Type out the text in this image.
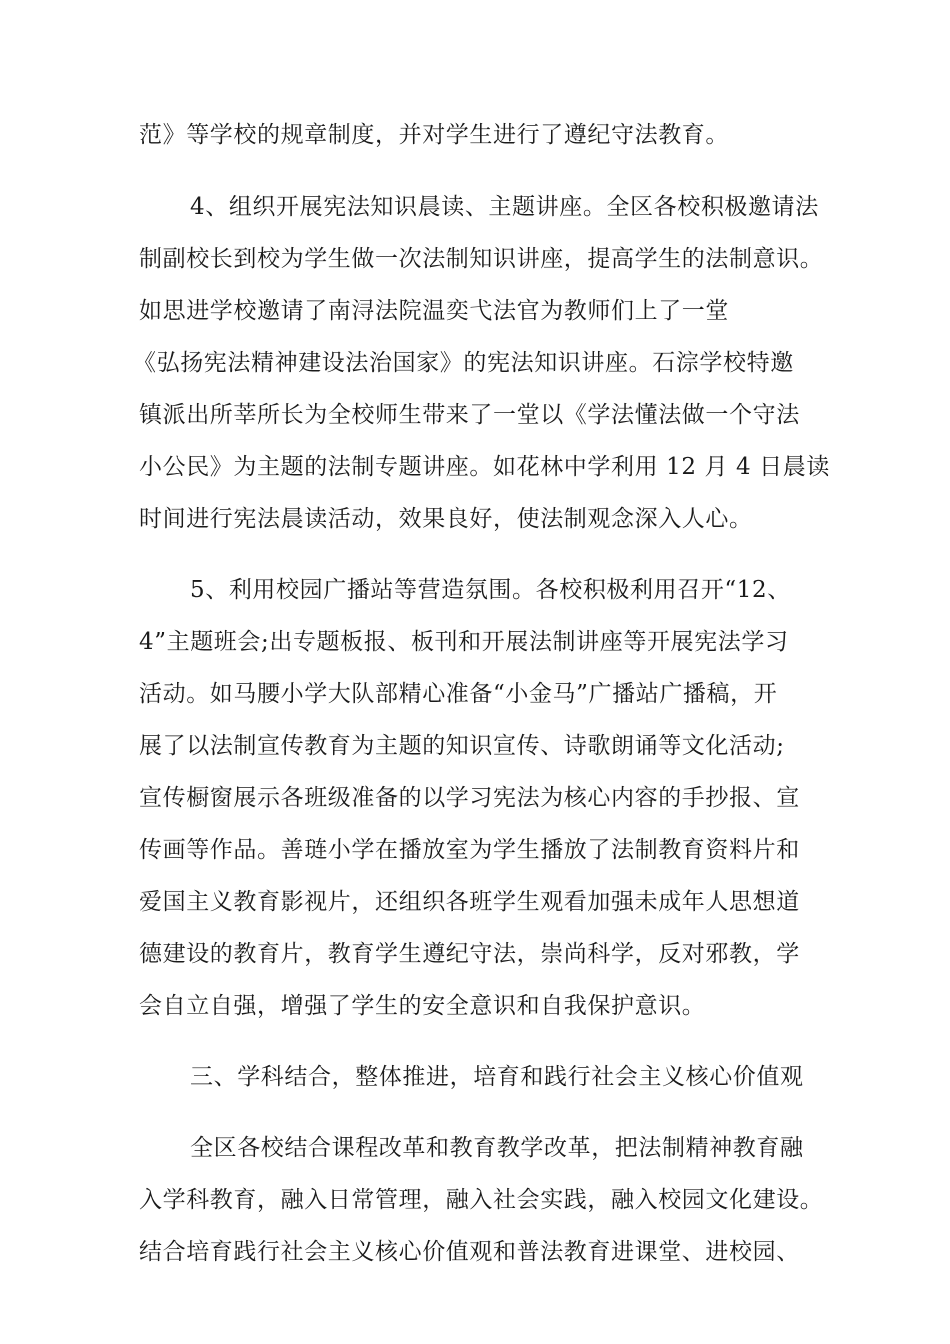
范》等学校的规章制度，并对学生进行了遵纪守法教育。
4、组织开展宪法知识晨读、主题讲座。全区各校积极邀请法
制副校长到校为学生做一次法制知识讲座，提高学生的法制意识。
如思进学校邀请了南浔法院温奕弋法官为教师们上了一堂
《弘扬宪法精神建设法治国家》的宪法知识讲座。石淙学校特邀
镇派出所莘所长为全校师生带来了一堂以《学法懂法做一个守法
小公民》为主题的法制专题讲座。如花林中学利用 12 月 4 日晨读
时间进行宪法晨读活动，效果良好，使法制观念深入人心。
5、利用校园广播站等营造氛围。各校积极利用召开“12、
4”主题班会;出专题板报、板刊和开展法制讲座等开展宪法学习
活动。如马腰小学大队部精心准备“小金马”广播站广播稿，开
展了以法制宣传教育为主题的知识宣传、诗歌朗诵等文化活动;
宣传橱窗展示各班级准备的以学习宪法为核心内容的手抄报、宣
传画等作品。善琏小学在播放室为学生播放了法制教育资料片和
爱国主义教育影视片，还组织各班学生观看加强未成年人思想道
德建设的教育片，教育学生遵纪守法，崇尚科学，反对邪教，学
会自立自强，增强了学生的安全意识和自我保护意识。
三、学科结合，整体推进，培育和践行社会主义核心价值观
全区各校结合课程改革和教育教学改革，把法制精神教育融
入学科教育，融入日常管理，融入社会实践，融入校园文化建设。
结合培育践行社会主义核心价值观和普法教育进课堂、进校园、
